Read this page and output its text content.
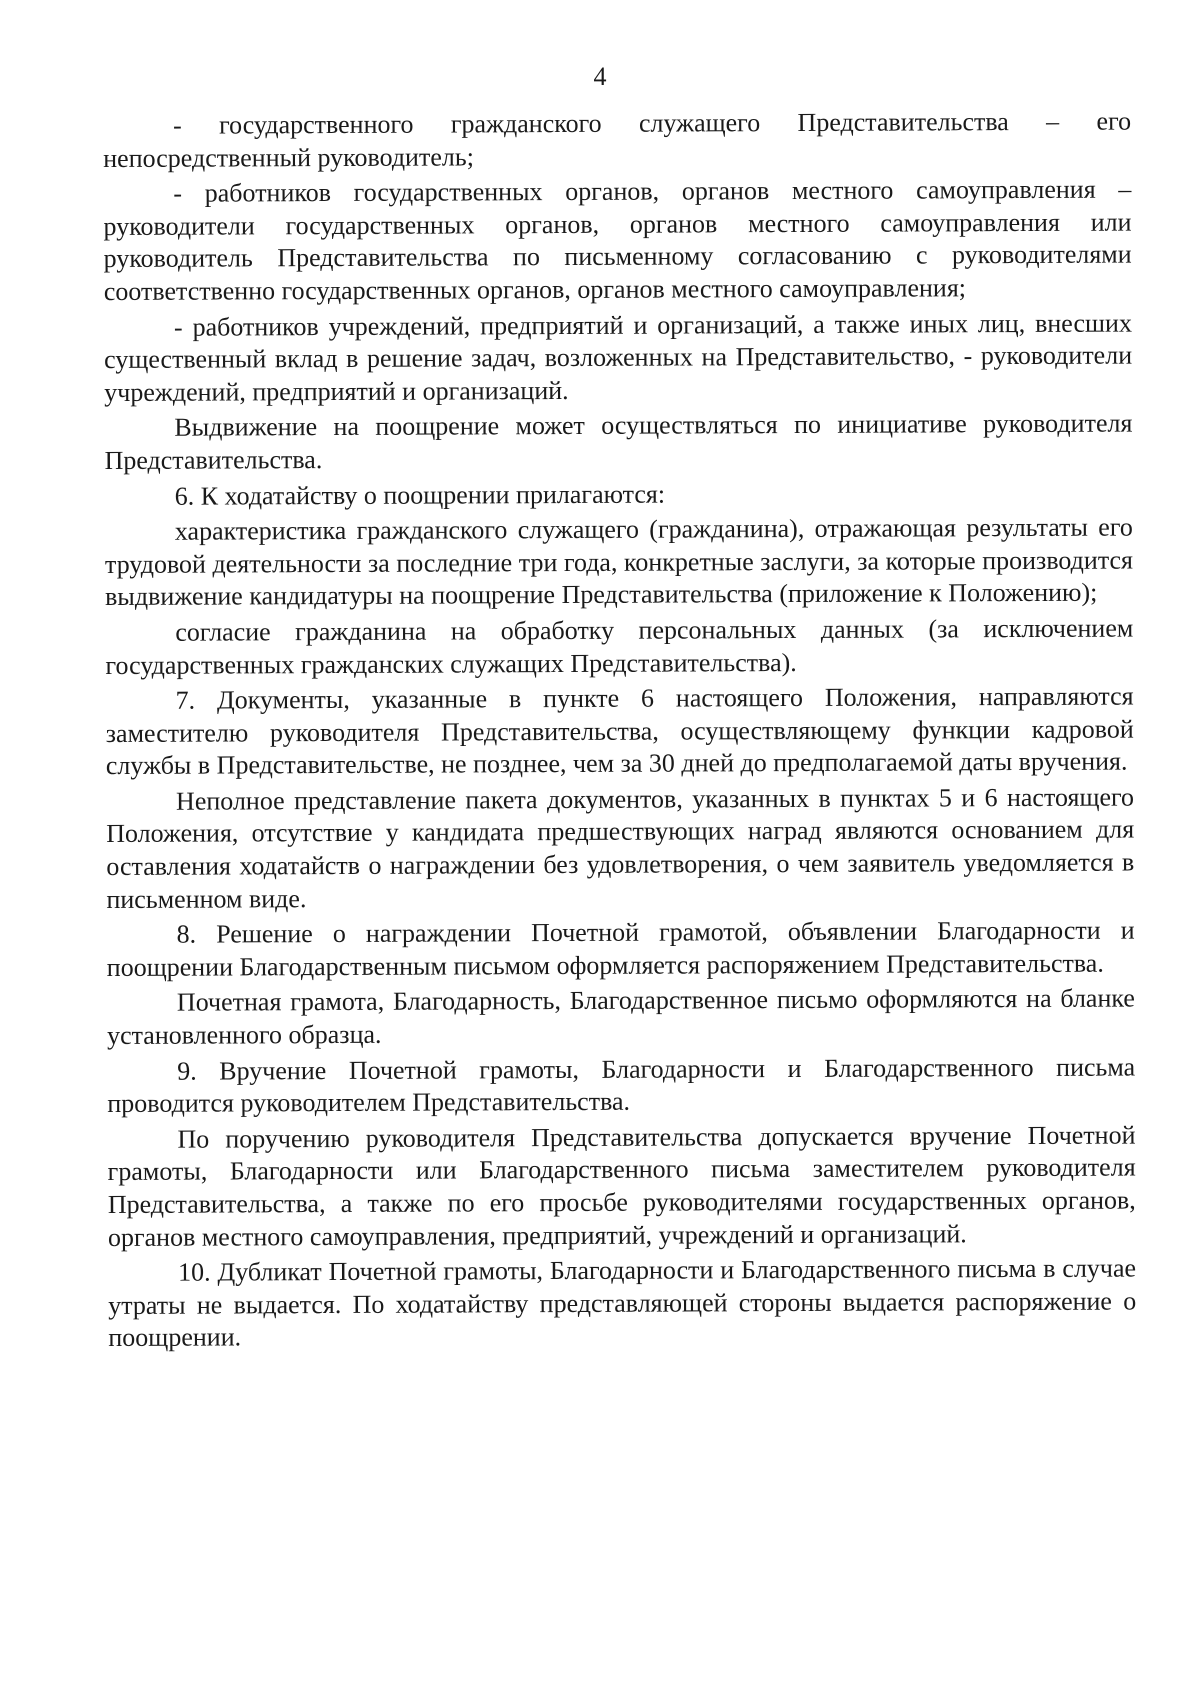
4

- государственного гражданского служащего Представительства – его непосредственный руководитель;

- работников государственных органов, органов местного самоуправления – руководители государственных органов, органов местного самоуправления или руководитель Представительства по письменному согласованию с руководителями соответственно государственных органов, органов местного самоуправления;

- работников учреждений, предприятий и организаций, а также иных лиц, внесших существенный вклад в решение задач, возложенных на Представительство, - руководители учреждений, предприятий и организаций.

Выдвижение на поощрение может осуществляться по инициативе руководителя Представительства.

6. К ходатайству о поощрении прилагаются:

характеристика гражданского служащего (гражданина), отражающая результаты его трудовой деятельности за последние три года, конкретные заслуги, за которые производится выдвижение кандидатуры на поощрение Представительства (приложение к Положению);

согласие гражданина на обработку персональных данных (за исключением государственных гражданских служащих Представительства).

7. Документы, указанные в пункте 6 настоящего Положения, направляются заместителю руководителя Представительства, осуществляющему функции кадровой службы в Представительстве, не позднее, чем за 30 дней до предполагаемой даты вручения.

Неполное представление пакета документов, указанных в пунктах 5 и 6 настоящего Положения, отсутствие у кандидата предшествующих наград являются основанием для оставления ходатайств о награждении без удовлетворения, о чем заявитель уведомляется в письменном виде.

8. Решение о награждении Почетной грамотой, объявлении Благодарности и поощрении Благодарственным письмом оформляется распоряжением Представительства.

Почетная грамота, Благодарность, Благодарственное письмо оформляются на бланке установленного образца.

9. Вручение Почетной грамоты, Благодарности и Благодарственного письма проводится руководителем Представительства.

По поручению руководителя Представительства допускается вручение Почетной грамоты, Благодарности или Благодарственного письма заместителем руководителя Представительства, а также по его просьбе руководителями государственных органов, органов местного самоуправления, предприятий, учреждений и организаций.

10. Дубликат Почетной грамоты, Благодарности и Благодарственного письма в случае утраты не выдается. По ходатайству представляющей стороны выдается распоряжение о поощрении.
